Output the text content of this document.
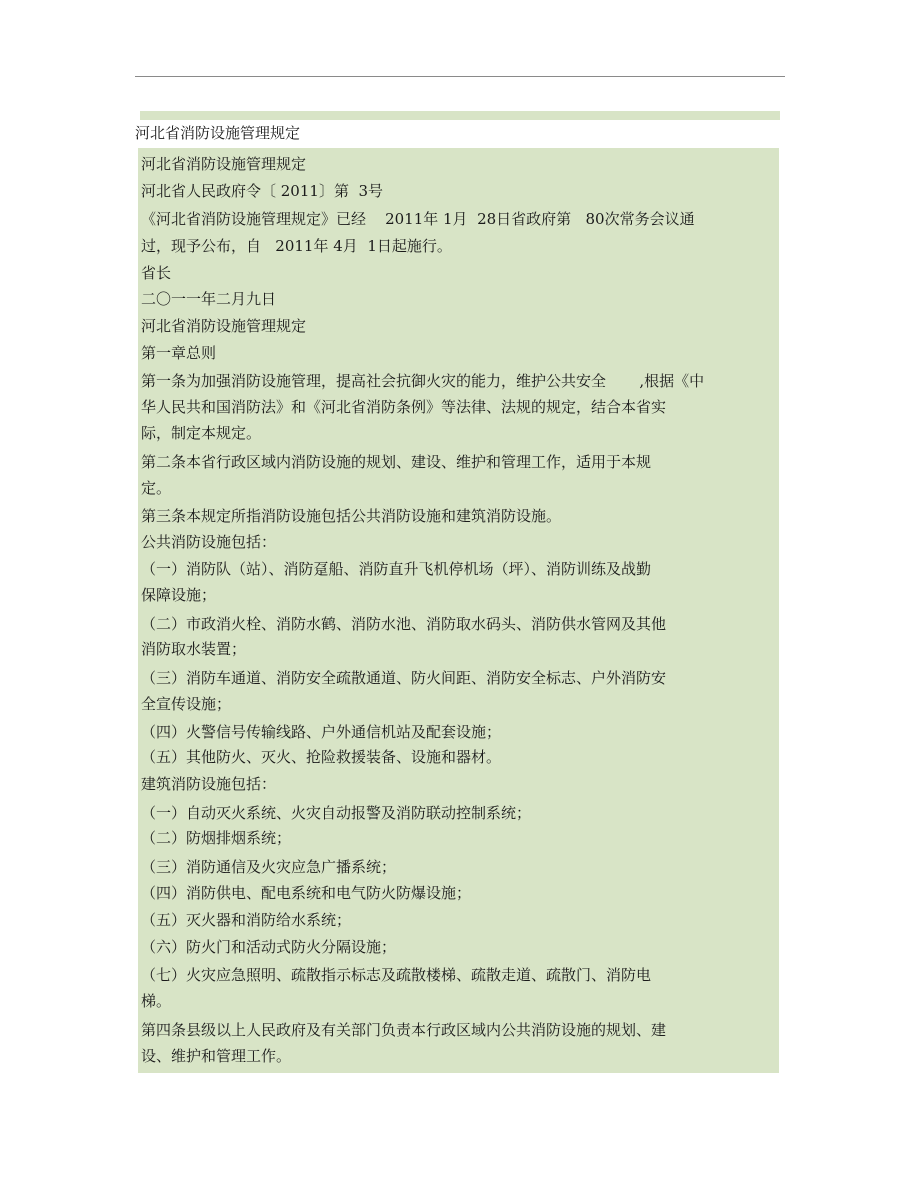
河北省消防设施管理规定
河北省消防设施管理规定
河北省人民政府令〔 2011〕第  3号
《河北省消防设施管理规定》已经    2011年 1月  28日省政府第   80次常务会议通
过，现予公布，自   2011年 4月  1日起施行。
省长
二〇一一年二月九日
河北省消防设施管理规定
第一章总则
第一条为加强消防设施管理，提高社会抗御火灾的能力，维护公共安全       ,根据《中
华人民共和国消防法》和《河北省消防条例》等法律、法规的规定，结合本省实
际，制定本规定。
第二条本省行政区域内消防设施的规划、建设、维护和管理工作，适用于本规
定。
第三条本规定所指消防设施包括公共消防设施和建筑消防设施。
公共消防设施包括：
（一）消防队（站）、消防趸船、消防直升飞机停机场（坪）、消防训练及战勤
保障设施；
（二）市政消火栓、消防水鹤、消防水池、消防取水码头、消防供水管网及其他
消防取水装置；
（三）消防车通道、消防安全疏散通道、防火间距、消防安全标志、户外消防安
全宣传设施；
（四）火警信号传输线路、户外通信机站及配套设施；
（五）其他防火、灭火、抢险救援装备、设施和器材。
建筑消防设施包括：
（一）自动灭火系统、火灾自动报警及消防联动控制系统；
（二）防烟排烟系统；
（三）消防通信及火灾应急广播系统；
（四）消防供电、配电系统和电气防火防爆设施；
（五）灭火器和消防给水系统；
（六）防火门和活动式防火分隔设施；
（七）火灾应急照明、疏散指示标志及疏散楼梯、疏散走道、疏散门、消防电
梯。
第四条县级以上人民政府及有关部门负责本行政区域内公共消防设施的规划、建
设、维护和管理工作。
